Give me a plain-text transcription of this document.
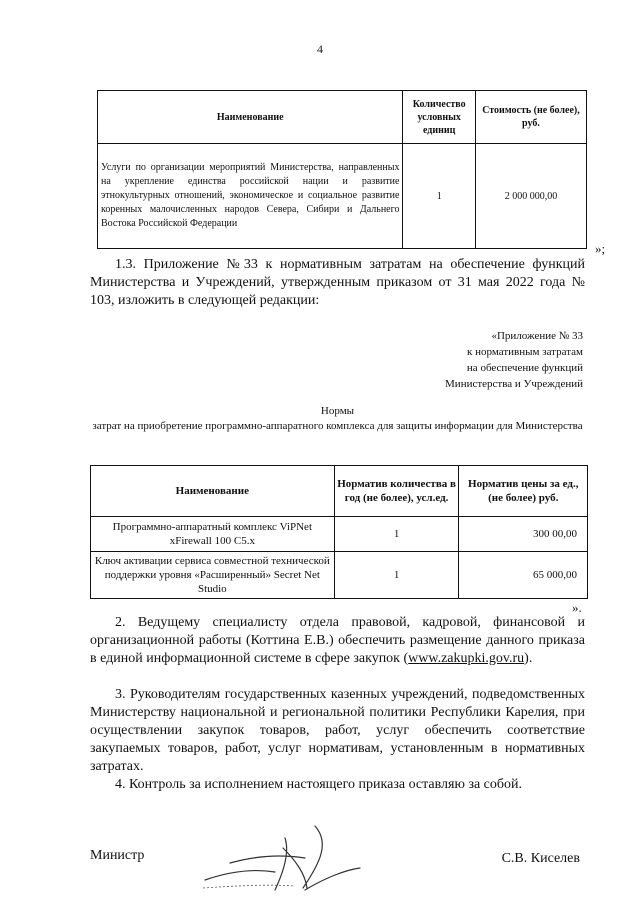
4
Наименование	Количество условных единиц	Стоимость (не более), руб.
Услуги по организации мероприятий Министерства, направленных на укрепление единства российской нации и развитие этнокультурных отношений, экономическое и социальное развитие коренных малочисленных народов Севера, Сибири и Дальнего Востока Российской Федерации	1	2 000 000,00
»;
1.3. Приложение №33 к нормативным затратам на обеспечение функций Министерства и Учреждений, утвержденным приказом от 31 мая 2022 года № 103, изложить в следующей редакции:
«Приложение № 33
к нормативным затратам
на обеспечение функций
Министерства и Учреждений
Нормы
затрат на приобретение программно-аппаратного комплекса для защиты информации для Министерства
Наименование	Норматив количества в год (не более), усл.ед.	Норматив цены за ед., (не более) руб.
Программно-аппаратный комплекс ViPNet xFirewall 100 C5.x	1	300 00,00
Ключ активации сервиса совместной технической поддержки уровня «Расширенный» Secret Net Studio	1	65 000,00
».
2. Ведущему специалисту отдела правовой, кадровой, финансовой и организационной работы (Коттина Е.В.) обеспечить размещение данного приказа в единой информационной системе в сфере закупок (www.zakupki.gov.ru).
3. Руководителям государственных казенных учреждений, подведомственных Министерству национальной и региональной политики Республики Карелия, при осуществлении закупок товаров, работ, услуг обеспечить соответствие закупаемых товаров, работ, услуг нормативам, установленным в нормативных затратах.
4. Контроль за исполнением настоящего приказа оставляю за собой.
Министр	С.В. Киселев
